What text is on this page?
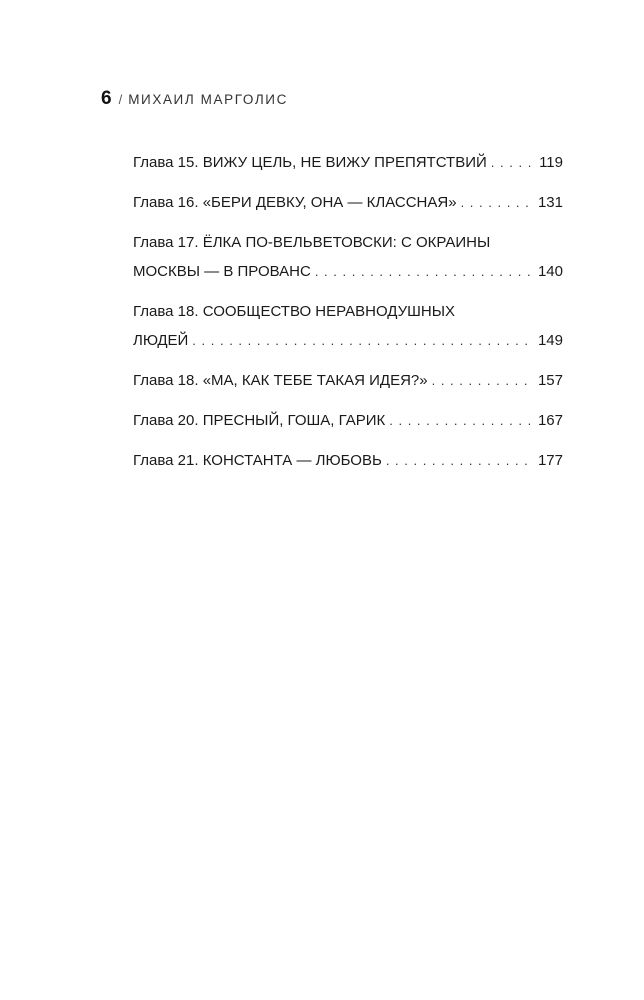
6 / МИХАИЛ МАРГОЛИС
Глава 15. ВИЖУ ЦЕЛЬ, НЕ ВИЖУ ПРЕПЯТСТВИЙ . . .	119
Глава 16. «БЕРИ ДЕВКУ, ОНА — КЛАССНАЯ» . . .	131
Глава 17. ЁЛКА ПО-ВЕЛЬВЕТОВСКИ: С ОКРАИНЫ
МОСКВЫ — В ПРОВАНС . . .	140
Глава 18. СООБЩЕСТВО НЕРАВНОДУШНЫХ
ЛЮДЕЙ . . .	149
Глава 18. «МА, КАК ТЕБЕ ТАКАЯ ИДЕЯ?» . . .	157
Глава 20. ПРЕСНЫЙ, ГОША, ГАРИК . . .	167
Глава 21. КОНСТАНТА — ЛЮБОВЬ . . .	177
